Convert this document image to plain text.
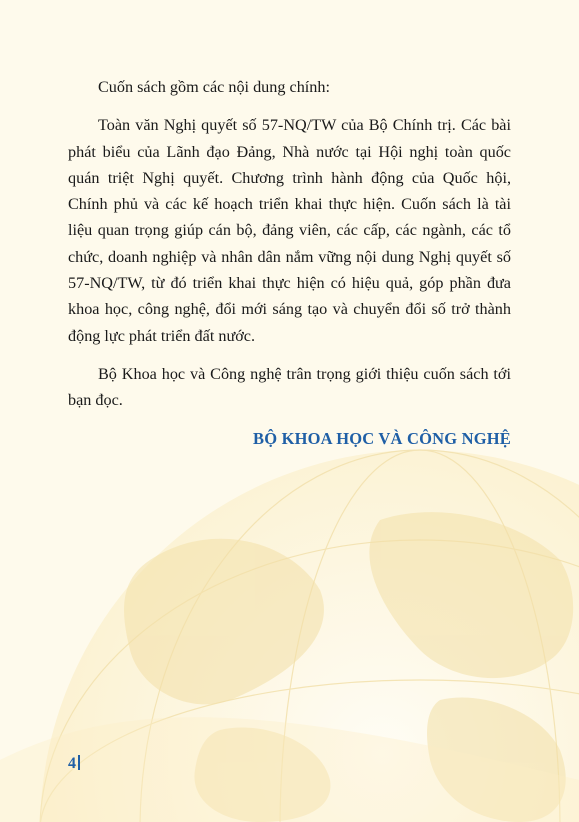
Cuốn sách gồm các nội dung chính:

Toàn văn Nghị quyết số 57-NQ/TW của Bộ Chính trị. Các bài phát biểu của Lãnh đạo Đảng, Nhà nước tại Hội nghị toàn quốc quán triệt Nghị quyết. Chương trình hành động của Quốc hội, Chính phủ và các kế hoạch triển khai thực hiện. Cuốn sách là tài liệu quan trọng giúp cán bộ, đảng viên, các cấp, các ngành, các tổ chức, doanh nghiệp và nhân dân nắm vững nội dung Nghị quyết số 57-NQ/TW, từ đó triển khai thực hiện có hiệu quả, góp phần đưa khoa học, công nghệ, đổi mới sáng tạo và chuyển đổi số trở thành động lực phát triển đất nước.

Bộ Khoa học và Công nghệ trân trọng giới thiệu cuốn sách tới bạn đọc.

BỘ KHOA HỌC VÀ CÔNG NGHỆ
4
